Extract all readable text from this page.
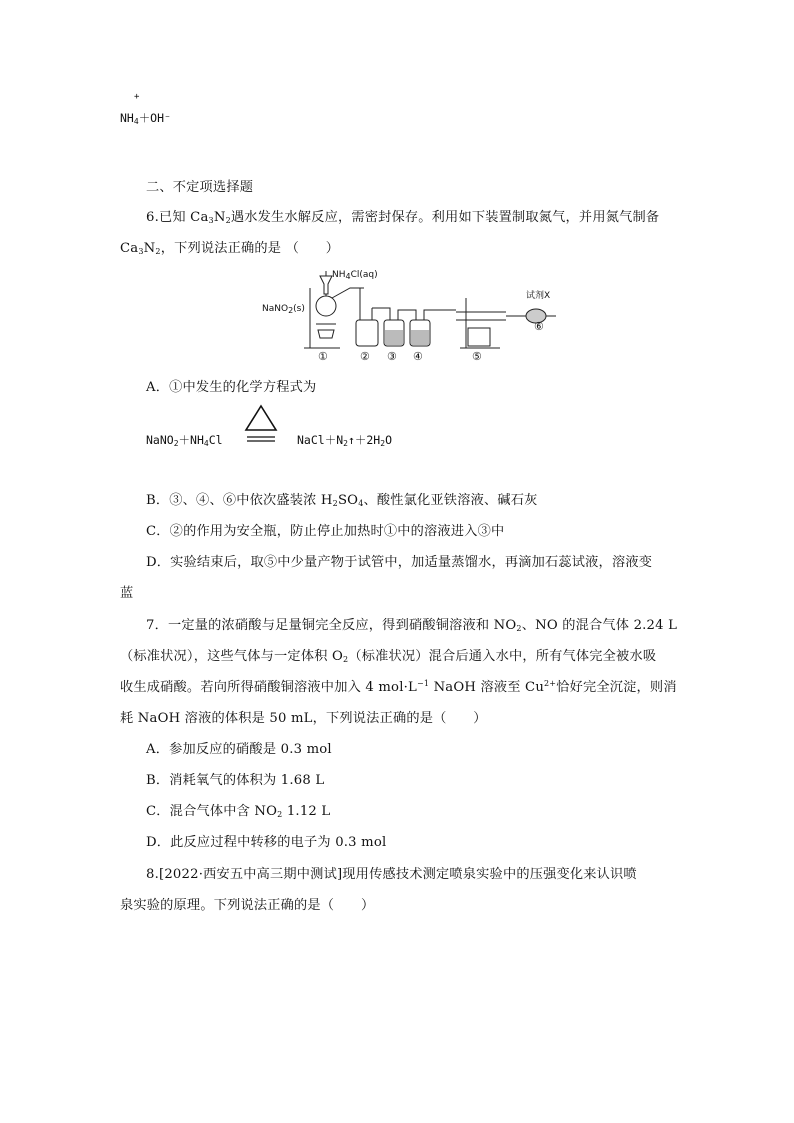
+
$NH_4+OH^-$
二、不定项选择题
6.已知 $Ca_3N_2$遇水发生水解反应，需密封保存。利用如下装置制取氮气，并用氮气制备
$Ca_3N_2$，下列说法正确的是 （　　）
$NH_4Cl(aq)$
NaNO$_2$(s)
试剂X
①	② ③ ④	⑤
⑥
A．①中发生的化学方程式为
$NaNO_2+NH_4Cl$	$NaCl+N_2↑+2H_2O$
B．③、④、⑥中依次盛装浓 $H_2SO_4$、酸性氯化亚铁溶液、碱石灰
C．②的作用为安全瓶，防止停止加热时①中的溶液进入③中
D．实验结束后，取⑤中少量产物于试管中，加适量蒸馏水，再滴加石蕊试液，溶液变
蓝
7．一定量的浓硝酸与足量铜完全反应，得到硝酸铜溶液和 $NO_2$、NO 的混合气体 2.24 L
（标准状况），这些气体与一定体积 $O_2$（标准状况）混合后通入水中，所有气体完全被水吸
收生成硝酸。若向所得硝酸铜溶液中加入 4 $mol\cdot L^{-1}$ NaOH 溶液至 $Cu^{2+}$恰好完全沉淀，则消
耗 NaOH 溶液的体积是 50 mL，下列说法正确的是（　　）
A．参加反应的硝酸是 0.3 mol
B．消耗氧气的体积为 1.68 L
C．混合气体中含 $NO_2$ 1.12 L
D．此反应过程中转移的电子为 0.3 mol
8.[2022·西安五中高三期中测试]现用传感技术测定喷泉实验中的压强变化来认识喷
泉实验的原理。下列说法正确的是（　　）
